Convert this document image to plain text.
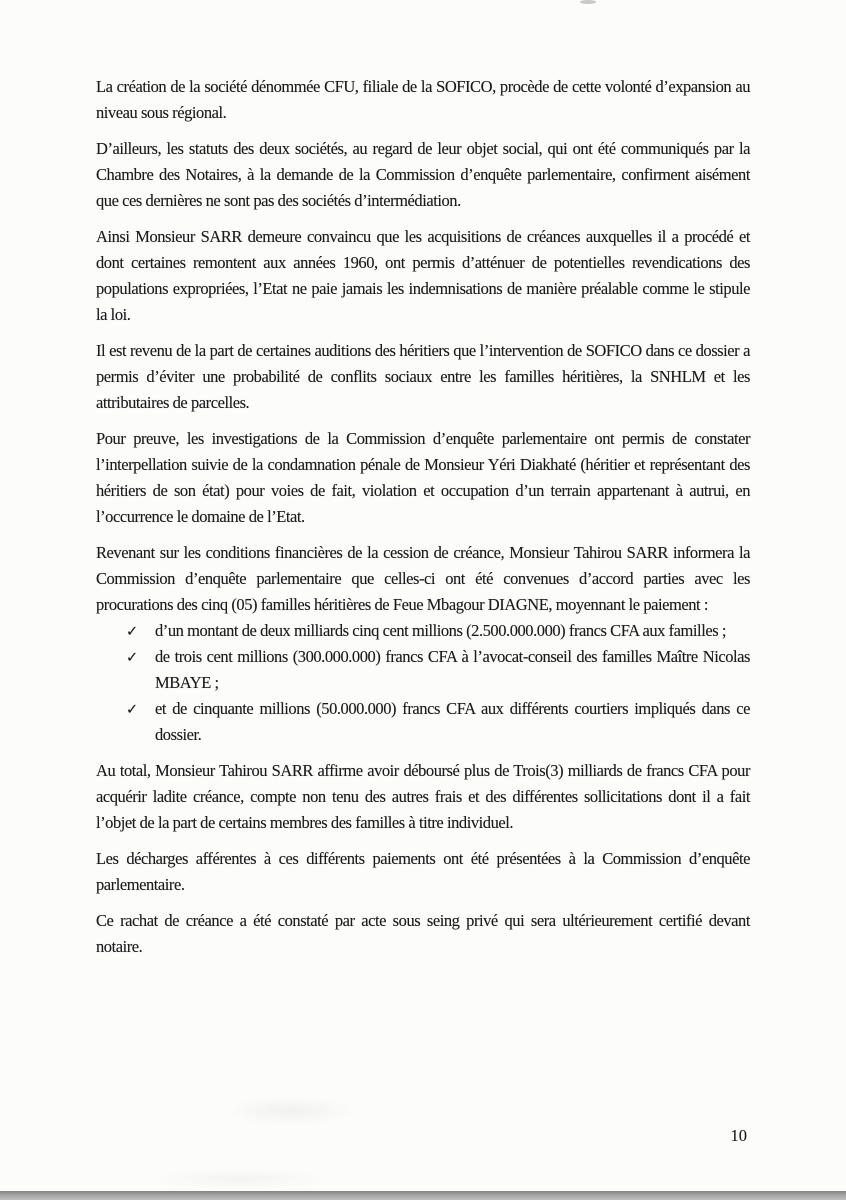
La création de la société dénommée CFU, filiale de la SOFICO, procède de cette volonté d’expansion au niveau sous régional.

D’ailleurs, les statuts des deux sociétés, au regard de leur objet social, qui ont été communiqués par la Chambre des Notaires, à la demande de la Commission d’enquête parlementaire, confirment aisément que ces dernières ne sont pas des sociétés d’intermédiation.

Ainsi Monsieur SARR demeure convaincu que les acquisitions de créances auxquelles il a procédé et dont certaines remontent aux années 1960, ont permis d’atténuer de potentielles revendications des populations expropriées, l’Etat ne paie jamais les indemnisations de manière préalable comme le stipule la loi.

Il est revenu de la part de certaines auditions des héritiers que l’intervention de SOFICO dans ce dossier a permis d’éviter une probabilité de conflits sociaux entre les familles héritières, la SNHLM et les attributaires de parcelles.

Pour preuve, les investigations de la Commission d’enquête parlementaire ont permis de constater l’interpellation suivie de la condamnation pénale de Monsieur Yéri Diakhaté (héritier et représentant des héritiers de son état) pour voies de fait, violation et occupation d’un terrain appartenant à autrui, en l’occurrence le domaine de l’Etat.

Revenant sur les conditions financières de la cession de créance, Monsieur Tahirou SARR informera la Commission d’enquête parlementaire que celles-ci ont été convenues d’accord parties avec les procurations des cinq (05) familles héritières de Feue Mbagour DIAGNE, moyennant le paiement :

✓ d’un montant de deux milliards cinq cent millions (2.500.000.000) francs CFA aux familles ;
✓ de trois cent millions (300.000.000) francs CFA à l’avocat-conseil des familles Maître Nicolas MBAYE ;
✓ et de cinquante millions (50.000.000) francs CFA aux différents courtiers impliqués dans ce dossier.

Au total, Monsieur Tahirou SARR affirme avoir déboursé plus de Trois(3) milliards de francs CFA pour acquérir ladite créance, compte non tenu des autres frais et des différentes sollicitations dont il a fait l’objet de la part de certains membres des familles à titre individuel.

Les décharges afférentes à ces différents paiements ont été présentées à la Commission d’enquête parlementaire.

Ce rachat de créance a été constaté par acte sous seing privé qui sera ultérieurement certifié devant notaire.

10
